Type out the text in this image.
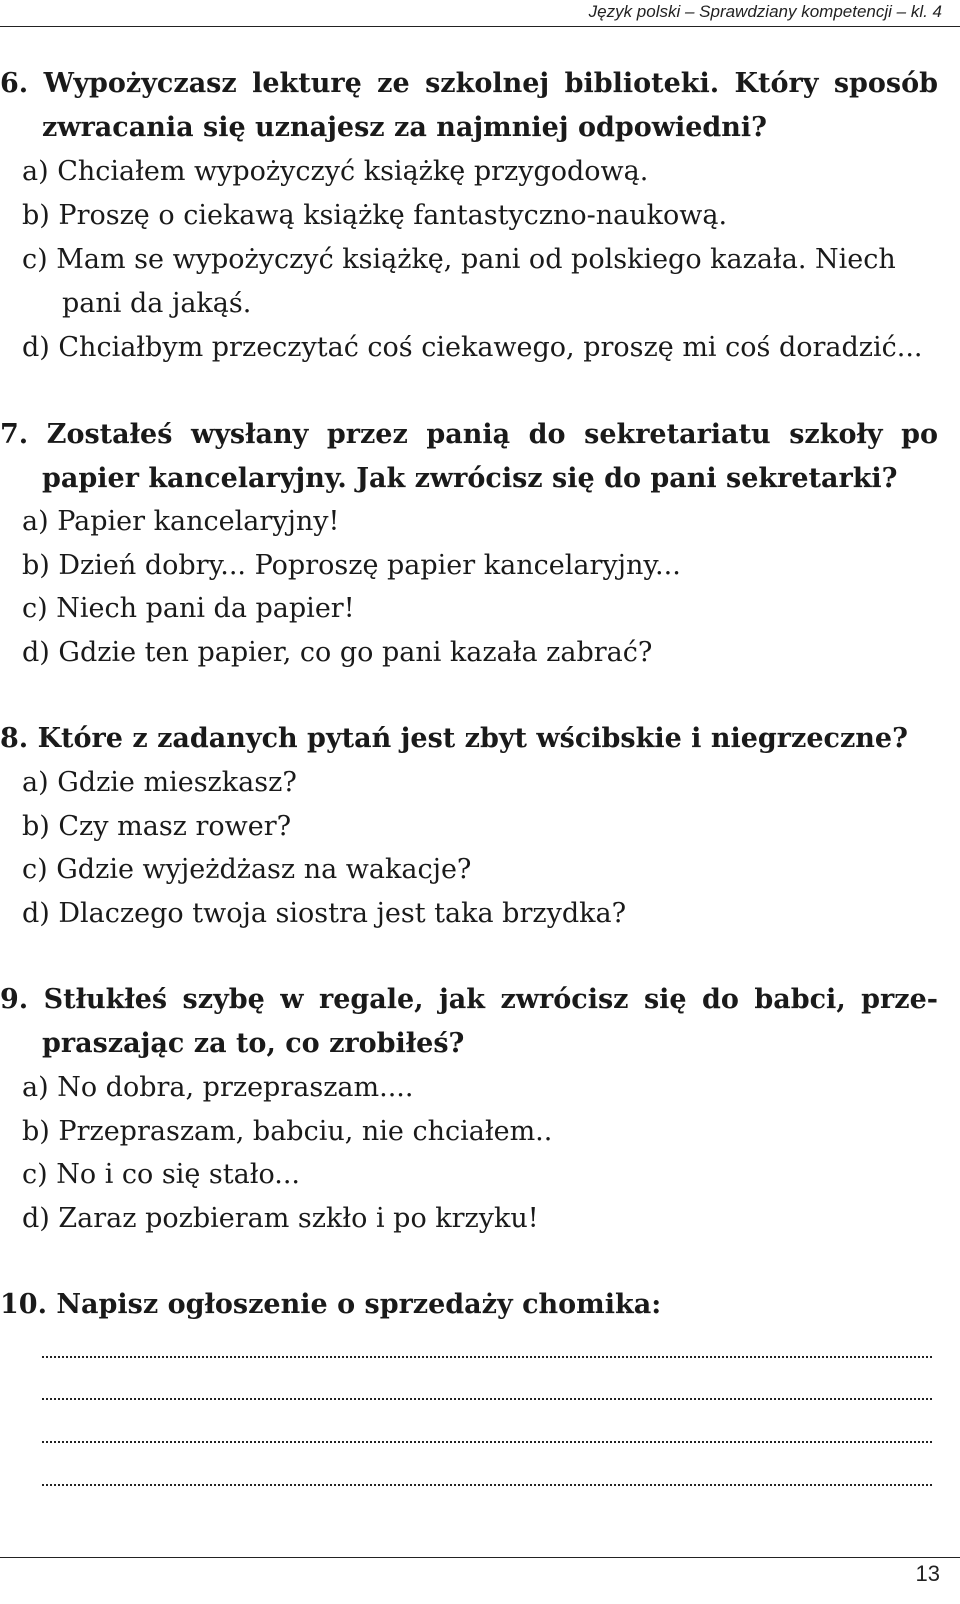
Język polski – Sprawdziany kompetencji – kl. 4
6. Wypożyczasz lekturę ze szkolnej biblioteki. Który sposób
zwracania się uznajesz za najmniej odpowiedni?
a) Chciałem wypożyczyć książkę przygodową.
b) Proszę o ciekawą książkę fantastyczno-naukową.
c) Mam se wypożyczyć książkę, pani od polskiego kazała. Niech
pani da jakąś.
d) Chciałbym przeczytać coś ciekawego, proszę mi coś doradzić...
7. Zostałeś wysłany przez panią do sekretariatu szkoły po
papier kancelaryjny. Jak zwrócisz się do pani sekretarki?
a) Papier kancelaryjny!
b) Dzień dobry... Poproszę papier kancelaryjny...
c) Niech pani da papier!
d) Gdzie ten papier, co go pani kazała zabrać?
8. Które z zadanych pytań jest zbyt wścibskie i niegrzeczne?
a) Gdzie mieszkasz?
b) Czy masz rower?
c) Gdzie wyjeżdżasz na wakacje?
d) Dlaczego twoja siostra jest taka brzydka?
9. Stłukłeś szybę w regale, jak zwrócisz się do babci, prze-
praszając za to, co zrobiłeś?
a) No dobra, przepraszam....
b) Przepraszam, babciu, nie chciałem..
c) No i co się stało...
d) Zaraz pozbieram szkło i po krzyku!
10. Napisz ogłoszenie o sprzedaży chomika:
13
